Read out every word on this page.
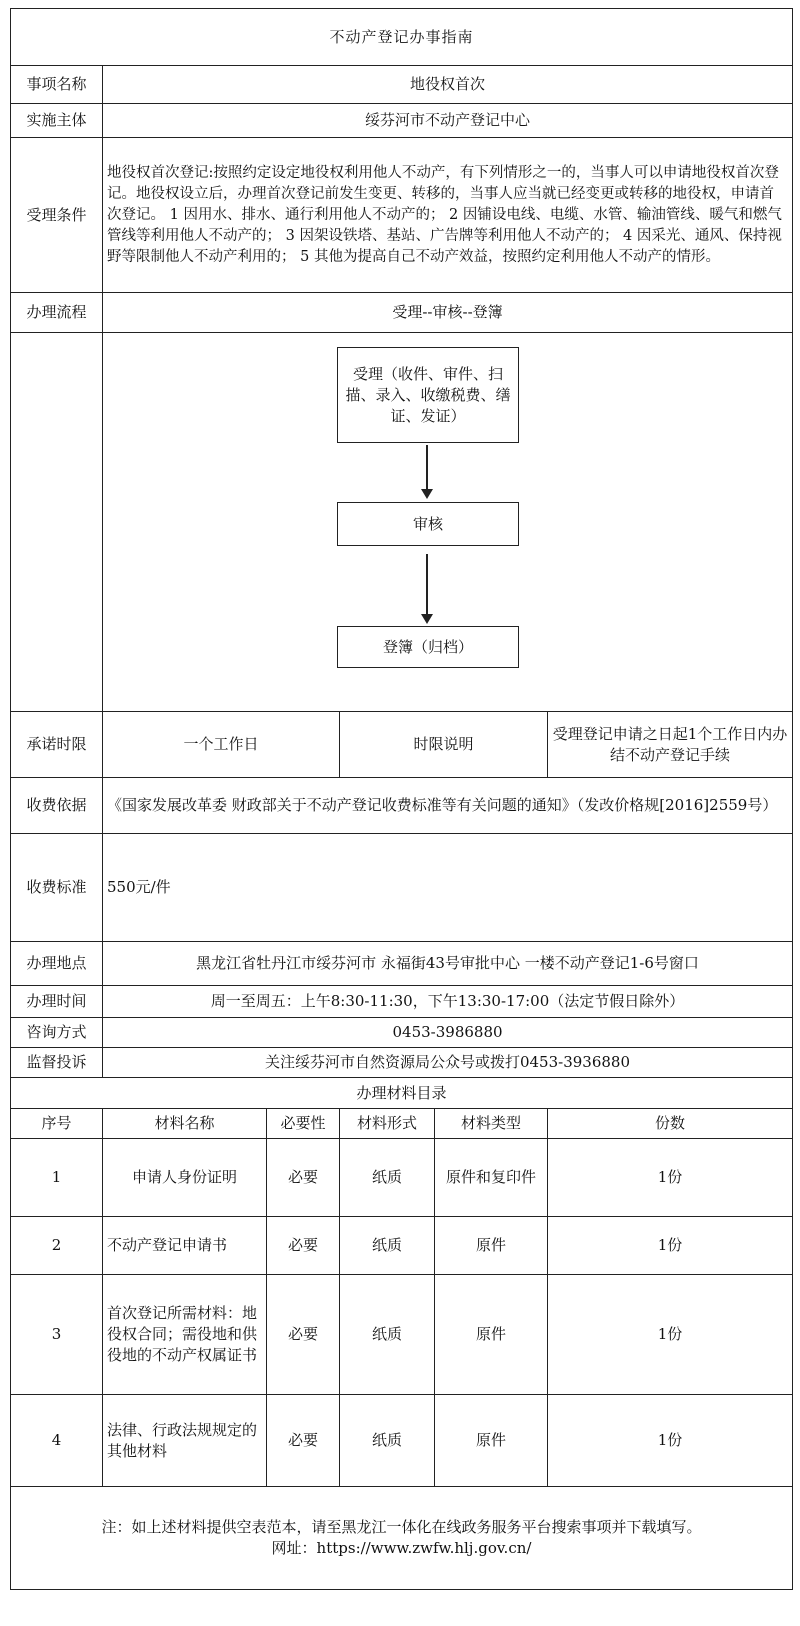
不动产登记办事指南					
事项名称	地役权首次				
实施主体	绥芬河市不动产登记中心				
受理条件	地役权首次登记:按照约定设定地役权利用他人不动产，有下列情形之一的，当事人可以申请地役权首次登记。地役权设立后，办理首次登记前发生变更、转移的，当事人应当就已经变更或转移的地役权，申请首次登记。 1 因用水、排水、通行利用他人不动产的； 2 因铺设电线、电缆、水管、输油管线、暖气和燃气管线等利用他人不动产的； 3 因架设铁塔、基站、广告牌等利用他人不动产的； 4 因采光、通风、保持视野等限制他人不动产利用的； 5 其他为提高自己不动产效益，按照约定利用他人不动产的情形。				
办理流程	受理--审核--登簿				

受理（收件、审件、扫描、录入、收缴税费、缮证、发证）
审核
登簿（归档）				

承诺时限	一个工作日		时限说明		受理登记申请之日起1个工作日内办结不动产登记手续
收费依据	《国家发展改革委 财政部关于不动产登记收费标准等有关问题的通知》（发改价格规[2016]2559号）				
收费标准	550元/件				
办理地点	黑龙江省牡丹江市绥芬河市 永福街43号审批中心 一楼不动产登记1-6号窗口				
办理时间	周一至周五：上午8:30-11:30，下午13:30-17:00（法定节假日除外）				
咨询方式	0453-3986880				
监督投诉	关注绥芬河市自然资源局公众号或拨打0453-3936880				
办理材料目录					
序号	材料名称	必要性	材料形式	材料类型	份数
1	申请人身份证明	必要	纸质	原件和复印件	1份
2	不动产登记申请书	必要	纸质	原件	1份
3	首次登记所需材料：地役权合同；需役地和供役地的不动产权属证书	必要	纸质	原件	1份
4	法律、行政法规规定的其他材料	必要	纸质	原件	1份

注：如上述材料提供空表范本，请至黑龙江一体化在线政务服务平台搜索事项并下载填写。
网址：https://www.zwfw.hlj.gov.cn/					
